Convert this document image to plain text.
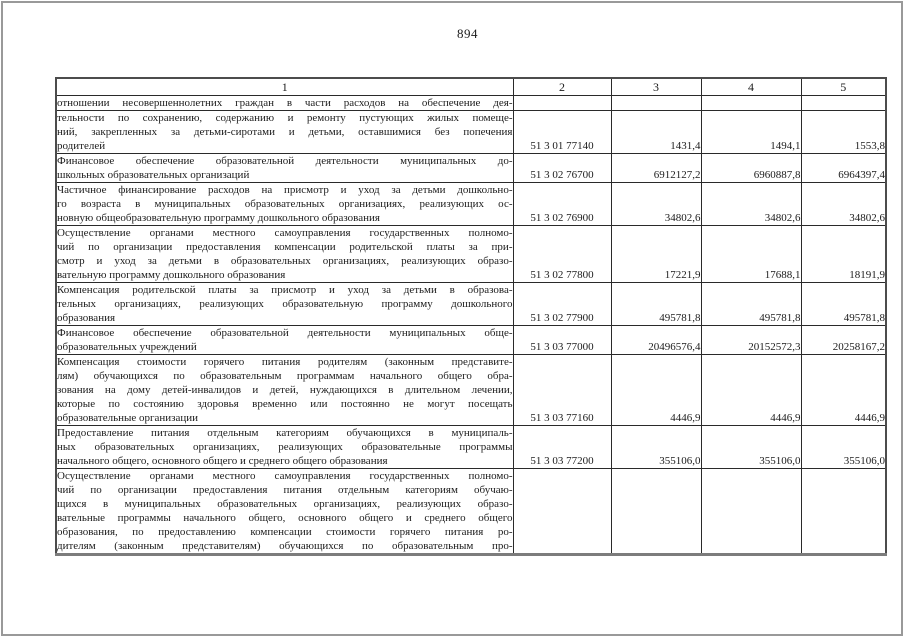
894
1	2	3	4	5

отношении несовершеннолетних граждан в части расходов на обеспечение дея-				

тельности по сохранению, содержанию и ремонту пустующих жилых помеще-
ний, закрепленных за детьми-сиротами и детьми, оставшимися без попечения
родителей	51 3 01 77140	1431,4	1494,1	1553,8

Финансовое обеспечение образовательной деятельности муниципальных до-
школьных образовательных организаций	51 3 02 76700	6912127,2	6960887,8	6964397,4

Частичное финансирование расходов на присмотр и уход за детьми дошкольно-
го возраста в муниципальных образовательных организациях, реализующих ос-
новную общеобразовательную программу дошкольного образования	51 3 02 76900	34802,6	34802,6	34802,6

Осуществление органами местного самоуправления государственных полномо-
чий по организации предоставления компенсации родительской платы за при-
смотр и уход за детьми в образовательных организациях, реализующих образо-
вательную программу дошкольного образования	51 3 02 77800	17221,9	17688,1	18191,9

Компенсация родительской платы за присмотр и уход за детьми в образова-
тельных организациях, реализующих образовательную программу дошкольного
образования	51 3 02 77900	495781,8	495781,8	495781,8

Финансовое обеспечение образовательной деятельности муниципальных обще-
образовательных учреждений	51 3 03 77000	20496576,4	20152572,3	20258167,2

Компенсация стоимости горячего питания родителям (законным представите-
лям) обучающихся по образовательным программам начального общего обра-
зования на дому детей-инвалидов и детей, нуждающихся в длительном лечении,
которые по состоянию здоровья временно или постоянно не могут посещать
образовательные организации	51 3 03 77160	4446,9	4446,9	4446,9

Предоставление питания отдельным категориям обучающихся в муниципаль-
ных образовательных организациях, реализующих образовательные программы
начального общего, основного общего и среднего общего образования	51 3 03 77200	355106,0	355106,0	355106,0

Осуществление органами местного самоуправления государственных полномо-
чий по организации предоставления питания отдельным категориям обучаю-
щихся в муниципальных образовательных организациях, реализующих образо-
вательные программы начального общего, основного общего и среднего общего
образования, по предоставлению компенсации стоимости горячего питания ро-
дителям (законным представителям) обучающихся по образовательным про-
